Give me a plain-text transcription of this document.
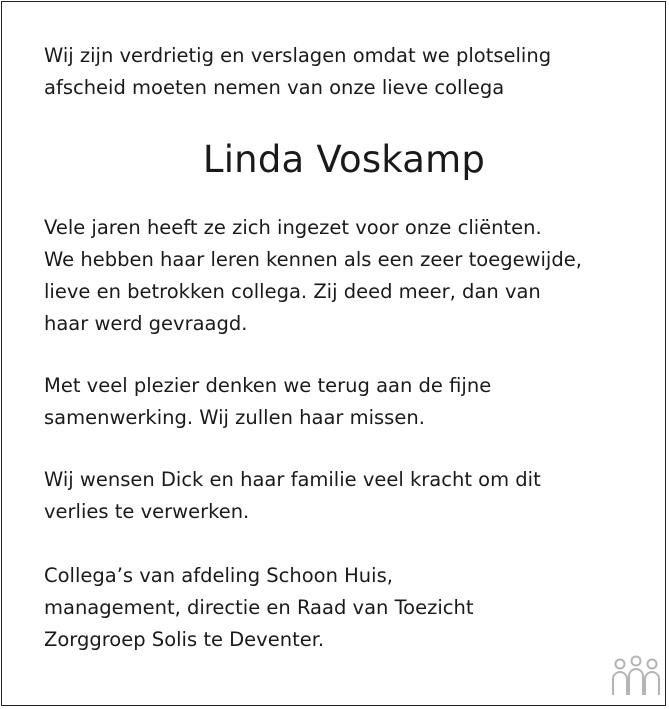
Wij zijn verdrietig en verslagen omdat we plotseling
afscheid moeten nemen van onze lieve collega

Linda Voskamp

Vele jaren heeft ze zich ingezet voor onze cliënten.
We hebben haar leren kennen als een zeer toegewijde,
lieve en betrokken collega. Zij deed meer, dan van
haar werd gevraagd.

Met veel plezier denken we terug aan de fijne
samenwerking. Wij zullen haar missen.

Wij wensen Dick en haar familie veel kracht om dit
verlies te verwerken.

Collega’s van afdeling Schoon Huis,
management, directie en Raad van Toezicht
Zorggroep Solis te Deventer.
